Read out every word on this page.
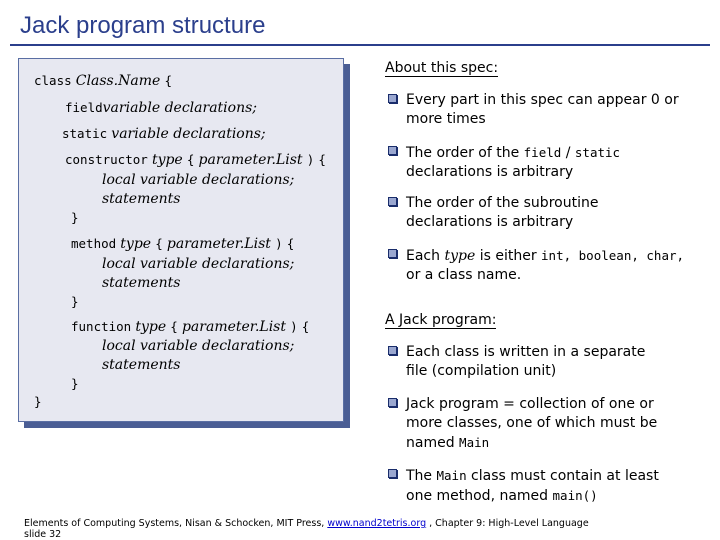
Jack program structure
class Class.Name {
fieldvariable declarations;
static variable declarations;
constructor type { parameter.List ) {
local variable declarations;
statements
}
method type { parameter.List ) {
local variable declarations;
statements
}
function type { parameter.List ) {
local variable declarations;
statements
}
}
About this spec:
Every part in this spec can appear 0 or more times
The order of the field / static
declarations is arbitrary
The order of the subroutine declarations is arbitrary
Each type is either int, boolean, char,
or a class name.
A Jack program:
Each class is written in a separate file (compilation unit)
Jack program = collection of one or more classes, one of which must be named Main
The Main class must contain at least one method, named main()
Elements of Computing Systems, Nisan & Schocken, MIT Press, www.nand2tetris.org , Chapter 9: High-Level Language
slide 32
